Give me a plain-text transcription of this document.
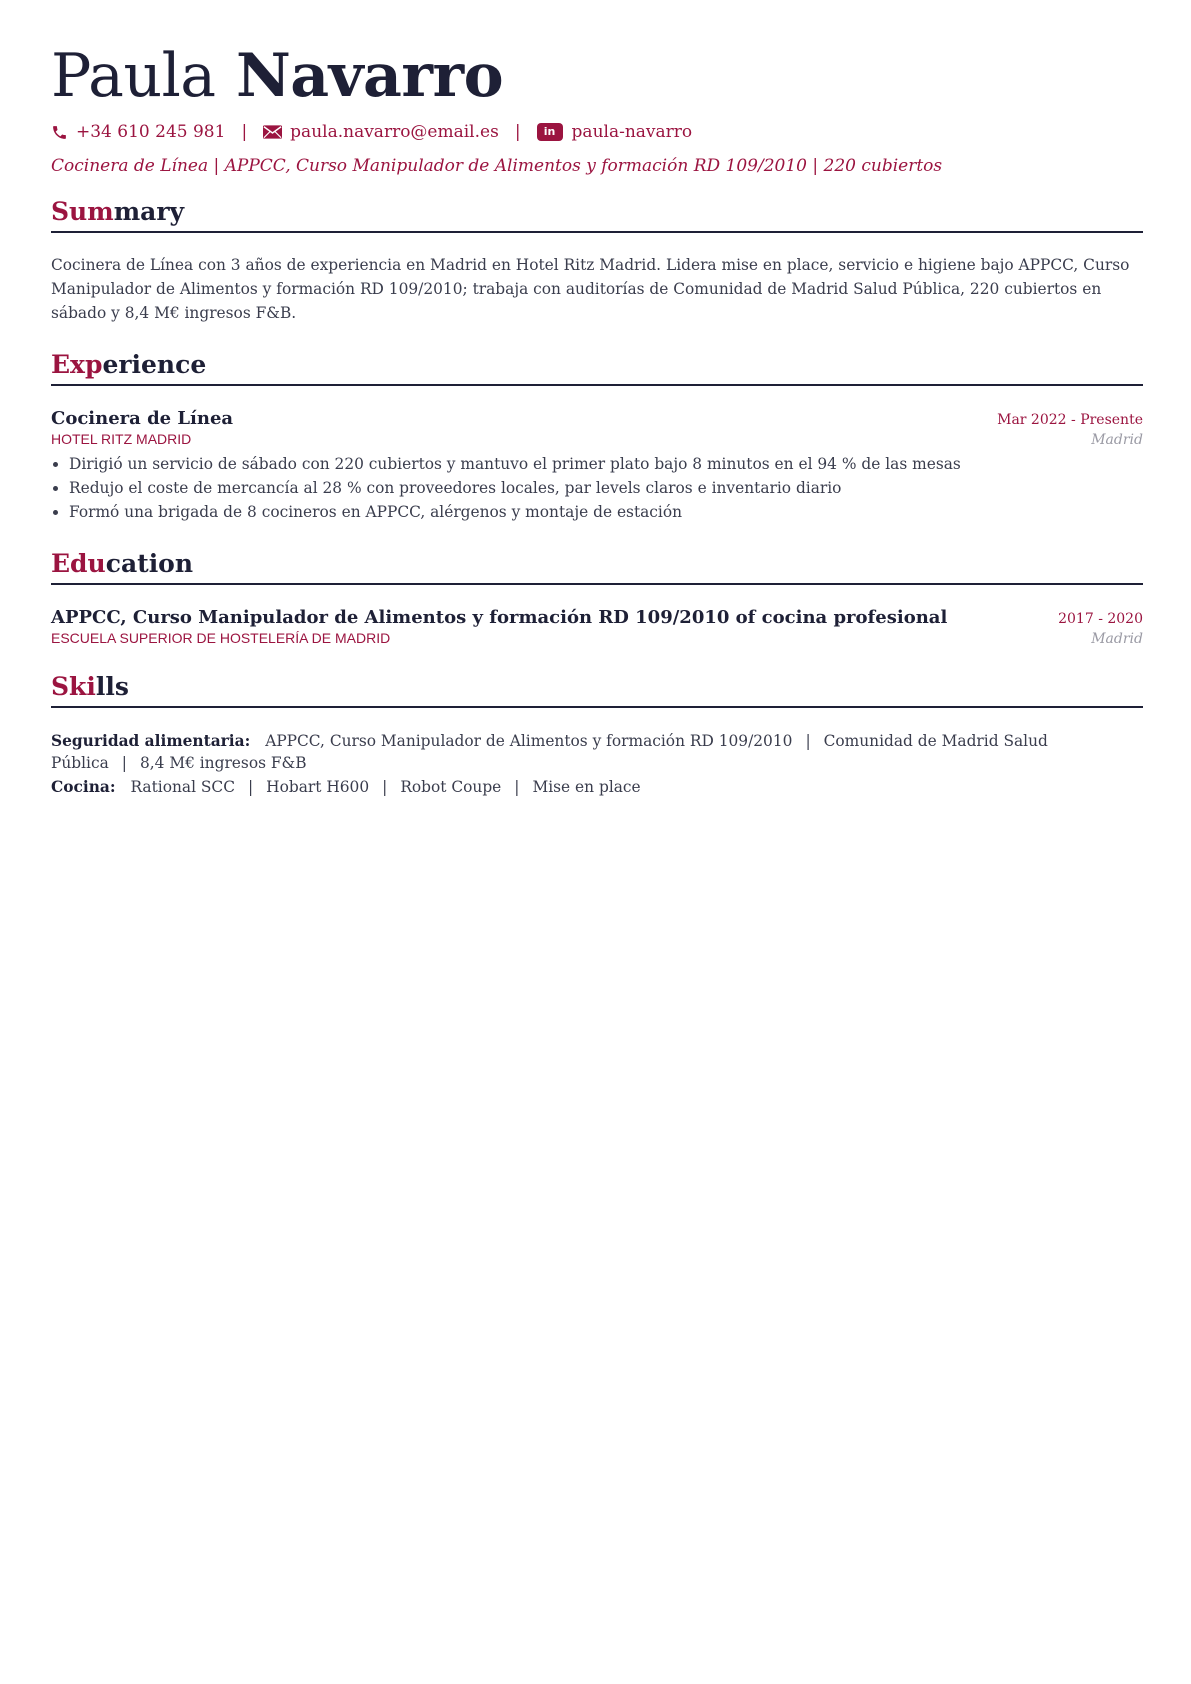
Paula Navarro
+34 610 245 981 |	paula.navarro@email.es |	in paula-navarro
Cocinera de Línea | APPCC, Curso Manipulador de Alimentos y formación RD 109/2010 | 220 cubiertos
Summary
Cocinera de Línea con 3 años de experiencia en Madrid en Hotel Ritz Madrid. Lidera mise en place, servicio e higiene bajo APPCC, Curso Manipulador de Alimentos y formación RD 109/2010; trabaja con auditorías de Comunidad de Madrid Salud Pública, 220 cubiertos en sábado y 8,4 M€ ingresos F&B.
Experience
Cocinera de Línea	Mar 2022 - Presente
HOTEL RITZ MADRID	Madrid
• Dirigió un servicio de sábado con 220 cubiertos y mantuvo el primer plato bajo 8 minutos en el 94 % de las mesas
• Redujo el coste de mercancía al 28 % con proveedores locales, par levels claros e inventario diario
• Formó una brigada de 8 cocineros en APPCC, alérgenos y montaje de estación
Education
APPCC, Curso Manipulador de Alimentos y formación RD 109/2010 of cocina profesional	2017 - 2020
ESCUELA SUPERIOR DE HOSTELERÍA DE MADRID	Madrid
Skills
Seguridad alimentaria: APPCC, Curso Manipulador de Alimentos y formación RD 109/2010 | Comunidad de Madrid Salud Pública | 8,4 M€ ingresos F&B
Cocina: Rational SCC | Hobart H600 | Robot Coupe | Mise en place
